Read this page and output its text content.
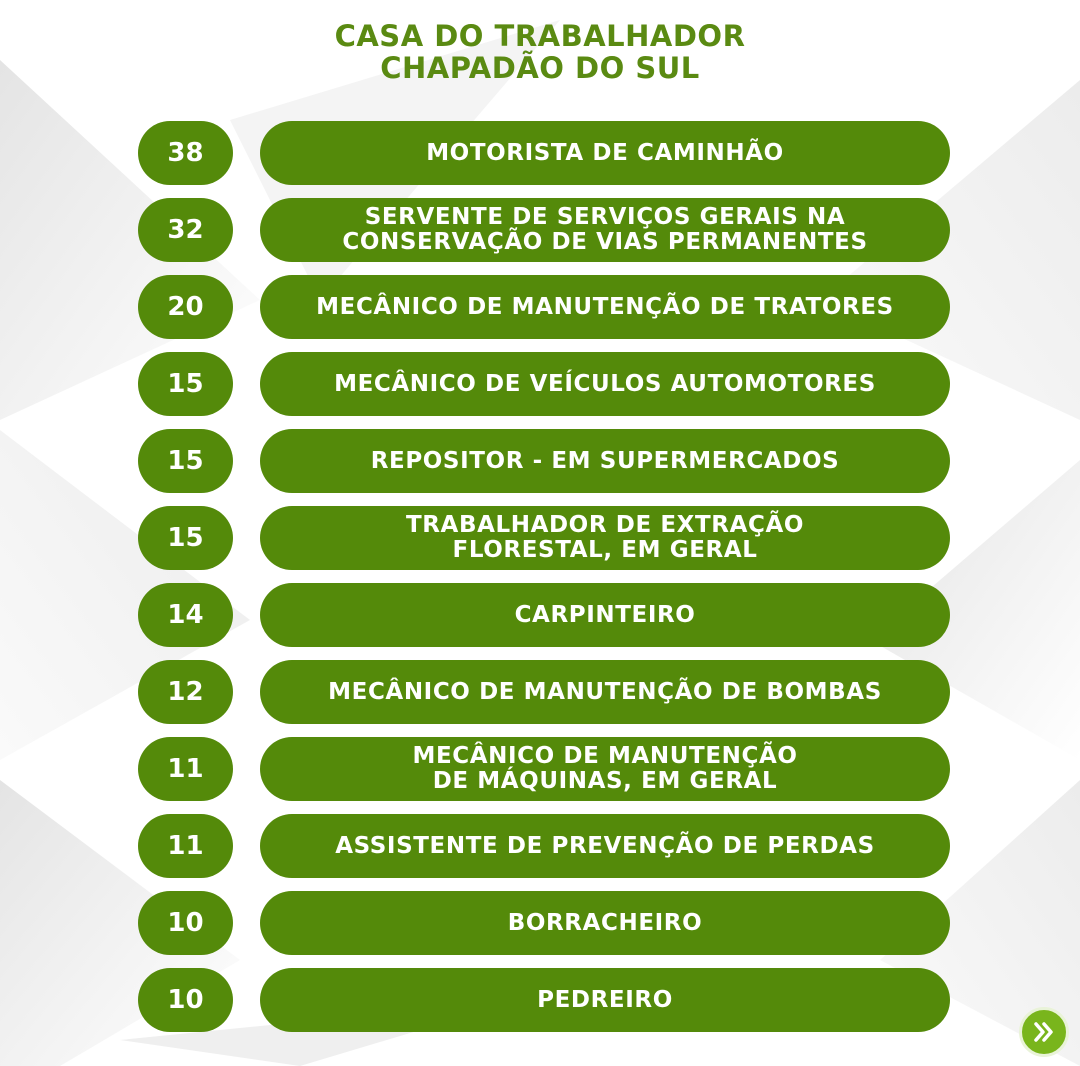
CASA DO TRABALHADOR
CHAPADÃO DO SUL
38	MOTORISTA DE CAMINHÃO
32	SERVENTE DE SERVIÇOS GERAIS NA
CONSERVAÇÃO DE VIAS PERMANENTES
20	MECÂNICO DE MANUTENÇÃO DE TRATORES
15	MECÂNICO DE VEÍCULOS AUTOMOTORES
15	REPOSITOR - EM SUPERMERCADOS
15	TRABALHADOR DE EXTRAÇÃO
FLORESTAL, EM GERAL
14	CARPINTEIRO
12	MECÂNICO DE MANUTENÇÃO DE BOMBAS
11	MECÂNICO DE MANUTENÇÃO
DE MÁQUINAS, EM GERAL
11	ASSISTENTE DE PREVENÇÃO DE PERDAS
10	BORRACHEIRO
10	PEDREIRO
